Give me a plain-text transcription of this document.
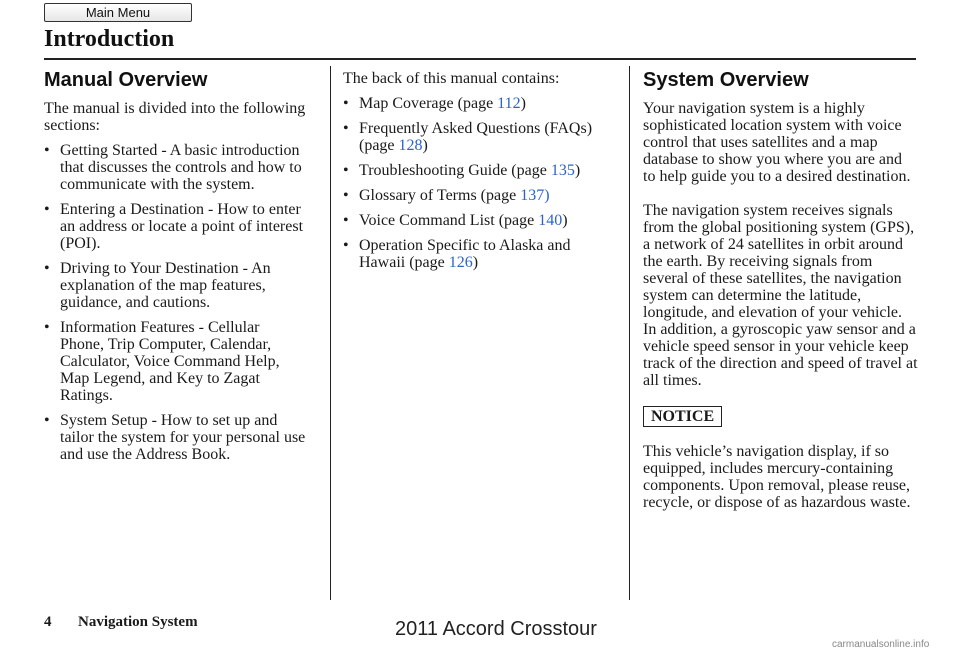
Main Menu
Introduction
Manual Overview

The manual is divided into the following sections:

• Getting Started - A basic introduction that discusses the controls and how to communicate with the system.
• Entering a Destination - How to enter an address or locate a point of interest (POI).
• Driving to Your Destination - An explanation of the map features, guidance, and cautions.
• Information Features - Cellular Phone, Trip Computer, Calendar, Calculator, Voice Command Help, Map Legend, and Key to Zagat Ratings.
• System Setup - How to set up and tailor the system for your personal use and use the Address Book.

The back of this manual contains:

• Map Coverage (page 112)
• Frequently Asked Questions (FAQs) (page 128)
• Troubleshooting Guide (page 135)
• Glossary of Terms (page 137)
• Voice Command List (page 140)
• Operation Specific to Alaska and Hawaii (page 126)
System Overview

Your navigation system is a highly sophisticated location system with voice control that uses satellites and a map database to show you where you are and to help guide you to a desired destination.

The navigation system receives signals from the global positioning system (GPS), a network of 24 satellites in orbit around the earth. By receiving signals from several of these satellites, the navigation system can determine the latitude, longitude, and elevation of your vehicle. In addition, a gyroscopic yaw sensor and a vehicle speed sensor in your vehicle keep track of the direction and speed of travel at all times.

NOTICE

This vehicle’s navigation display, if so equipped, includes mercury-containing components. Upon removal, please reuse, recycle, or dispose of as hazardous waste.

4 Navigation System	2011 Accord Crosstour
carmanualsonline.info
